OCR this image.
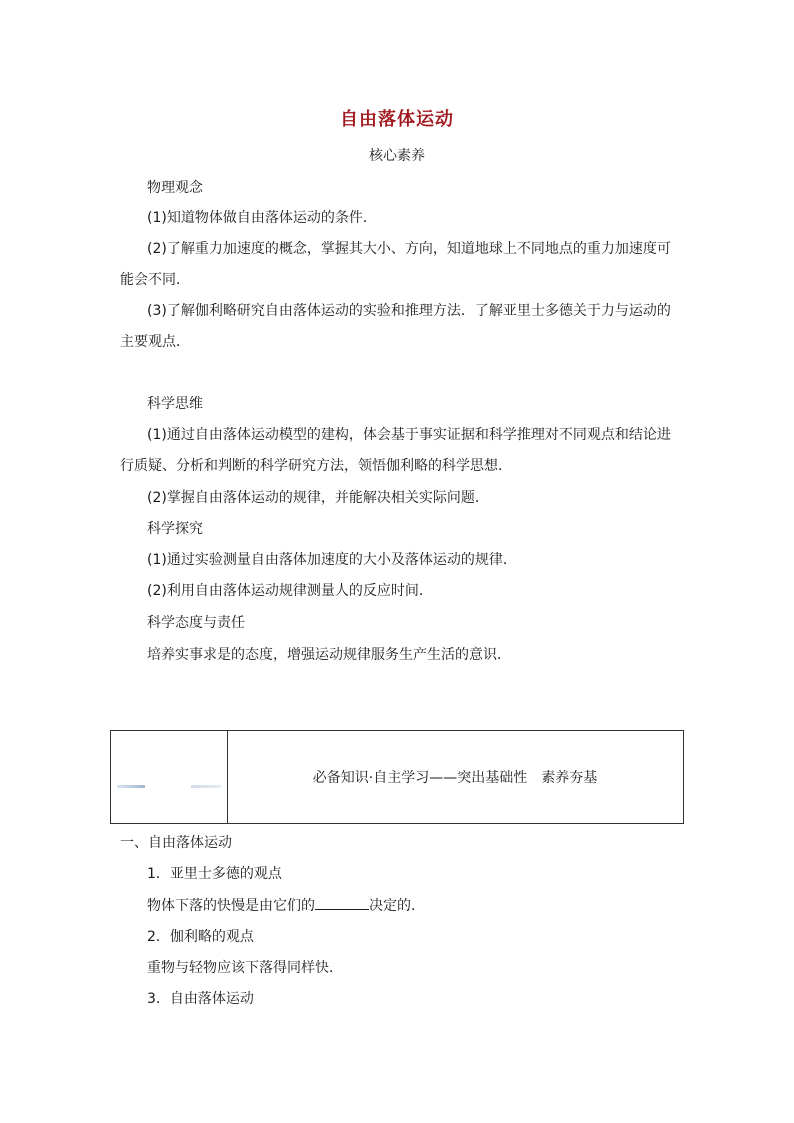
自由落体运动
核心素养
物理观念
(1)知道物体做自由落体运动的条件．
(2)了解重力加速度的概念，掌握其大小、方向，知道地球上不同地点的重力加速度可
能会不同．
(3)了解伽利略研究自由落体运动的实验和推理方法．了解亚里士多德关于力与运动的
主要观点．
科学思维
(1)通过自由落体运动模型的建构，体会基于事实证据和科学推理对不同观点和结论进
行质疑、分析和判断的科学研究方法，领悟伽利略的科学思想．
(2)掌握自由落体运动的规律，并能解决相关实际问题．
科学探究
(1)通过实验测量自由落体加速度的大小及落体运动的规律．
(2)利用自由落体运动规律测量人的反应时间．
科学态度与责任
培养实事求是的态度，增强运动规律服务生产生活的意识．
必备知识·自主学习——突出基础性　素养夯基
一、自由落体运动
1．亚里士多德的观点
物体下落的快慢是由它们的	决定的．
2．伽利略的观点
重物与轻物应该下落得同样快．
3．自由落体运动
